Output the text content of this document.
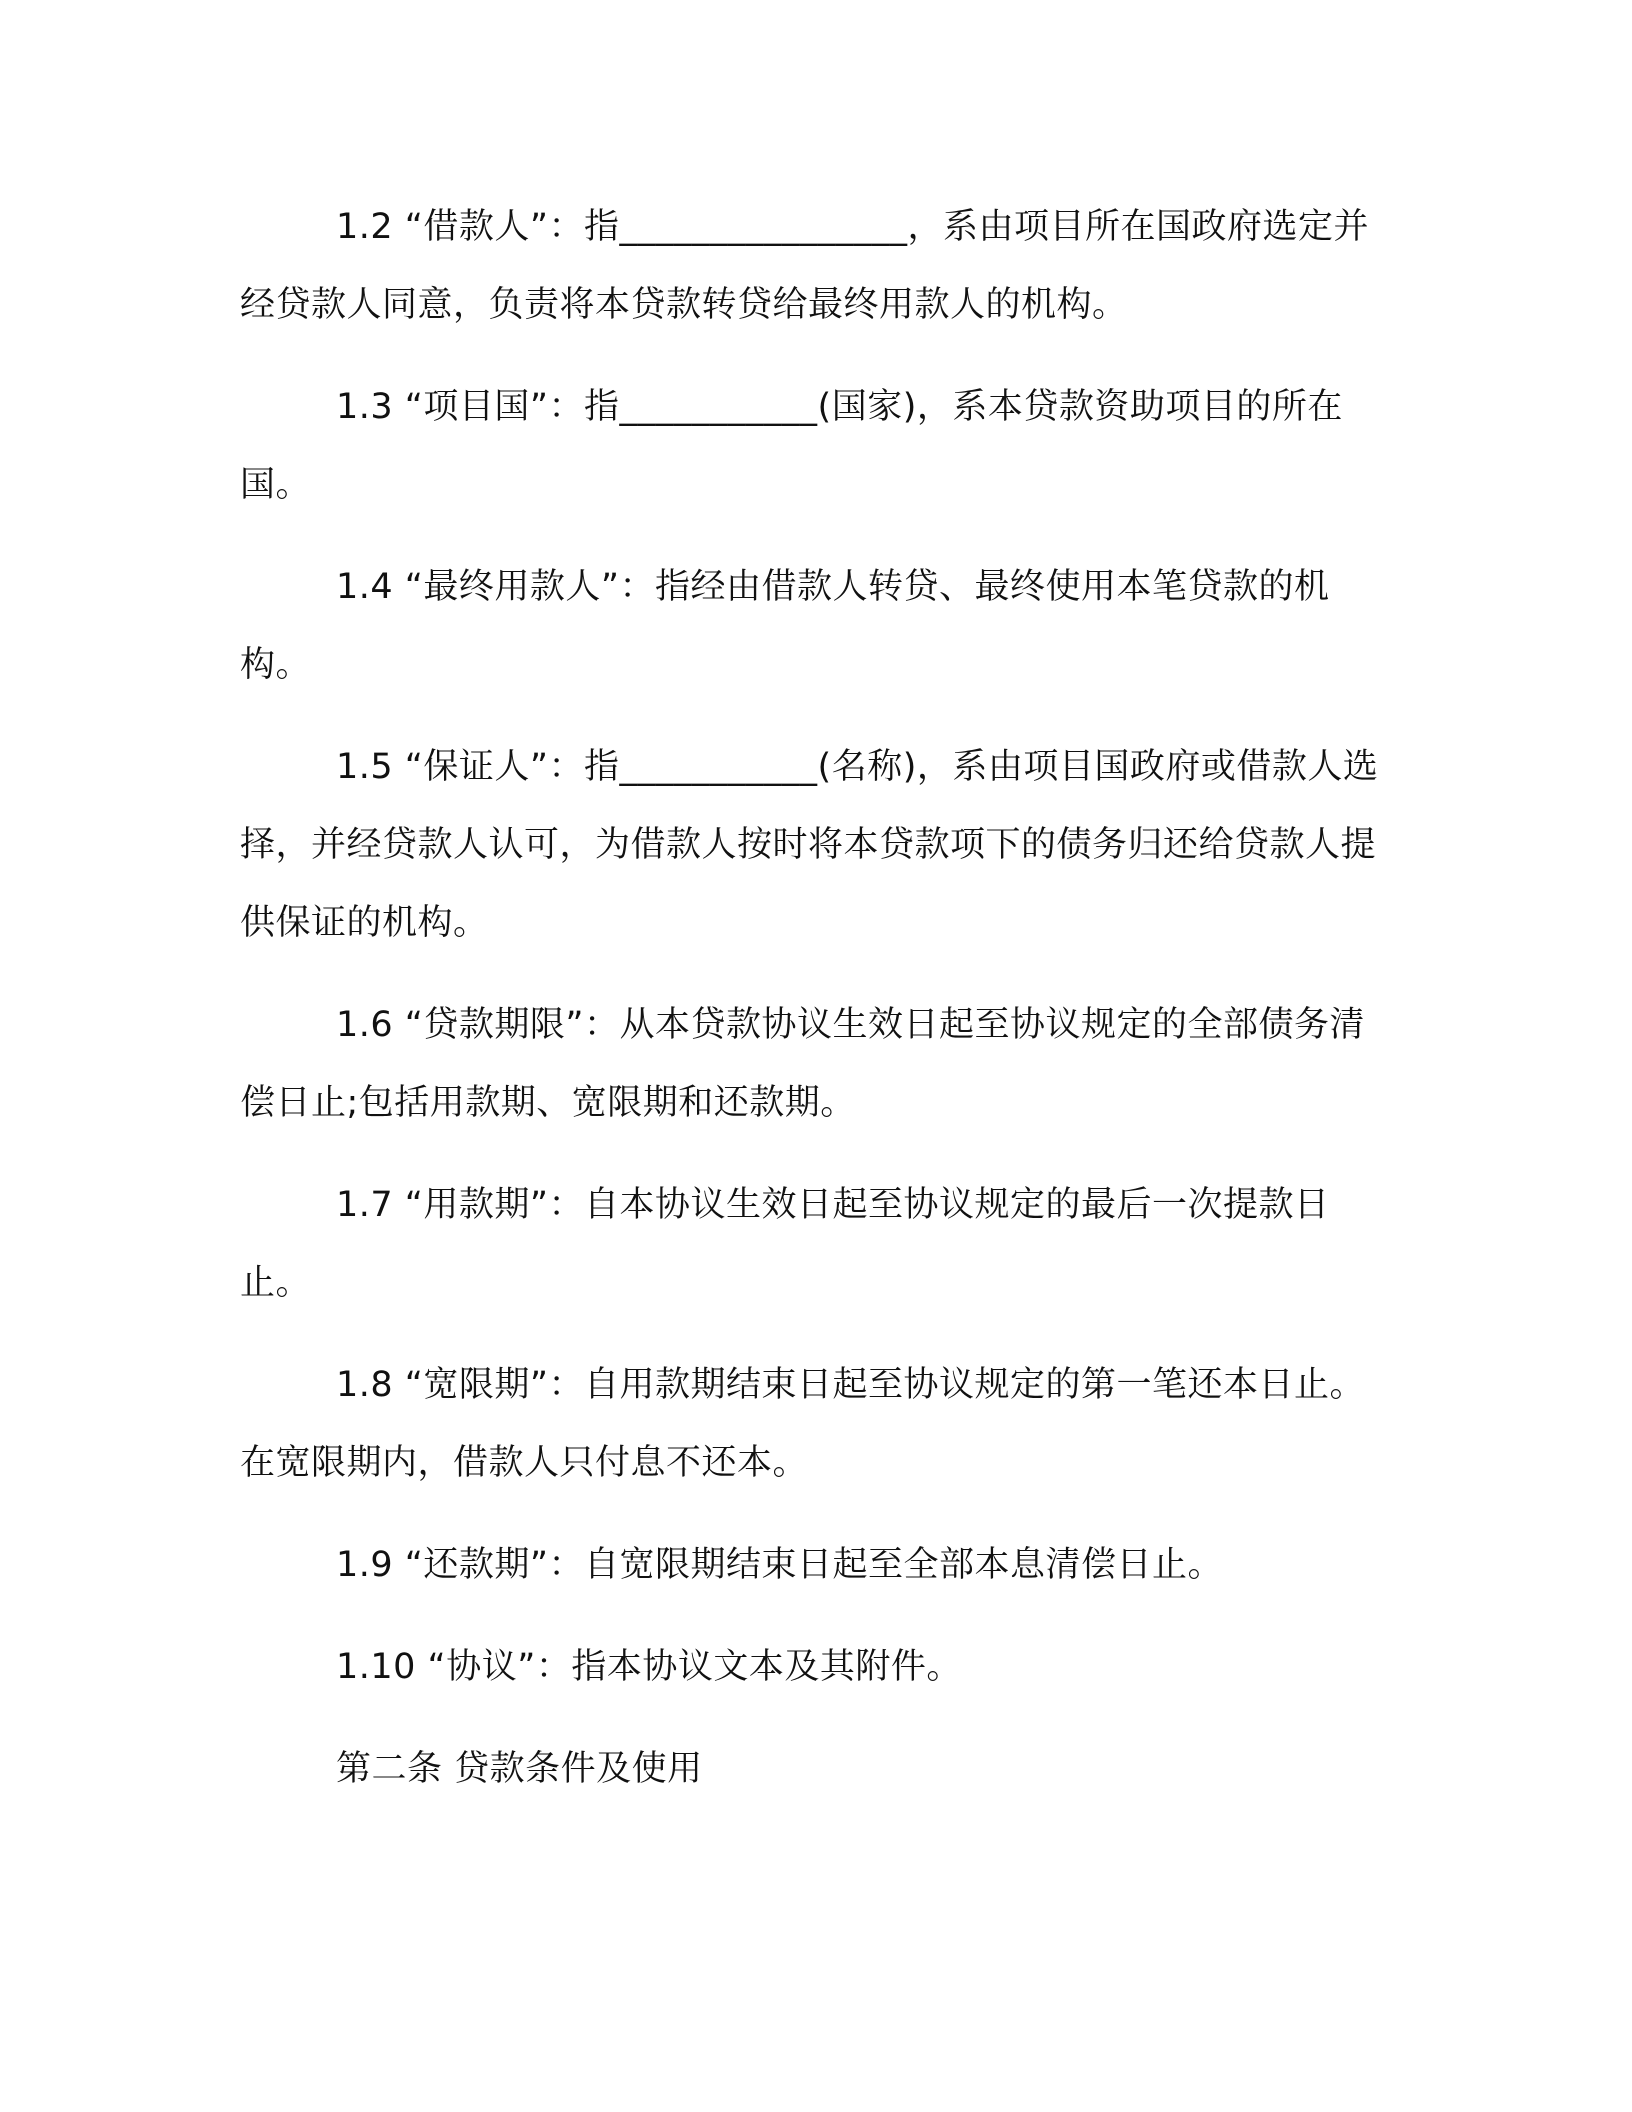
1.2 “借款人”：指________________，系由项目所在国政府选定并经贷款人同意，负责将本贷款转贷给最终用款人的机构。

1.3 “项目国”：指___________(国家)，系本贷款资助项目的所在国。

1.4 “最终用款人”：指经由借款人转贷、最终使用本笔贷款的机构。

1.5 “保证人”：指___________(名称)，系由项目国政府或借款人选择，并经贷款人认可，为借款人按时将本贷款项下的债务归还给贷款人提供保证的机构。

1.6 “贷款期限”：从本贷款协议生效日起至协议规定的全部债务清偿日止;包括用款期、宽限期和还款期。

1.7 “用款期”：自本协议生效日起至协议规定的最后一次提款日止。

1.8 “宽限期”：自用款期结束日起至协议规定的第一笔还本日止。在宽限期内，借款人只付息不还本。

1.9 “还款期”：自宽限期结束日起至全部本息清偿日止。

1.10 “协议”：指本协议文本及其附件。

第二条 贷款条件及使用
